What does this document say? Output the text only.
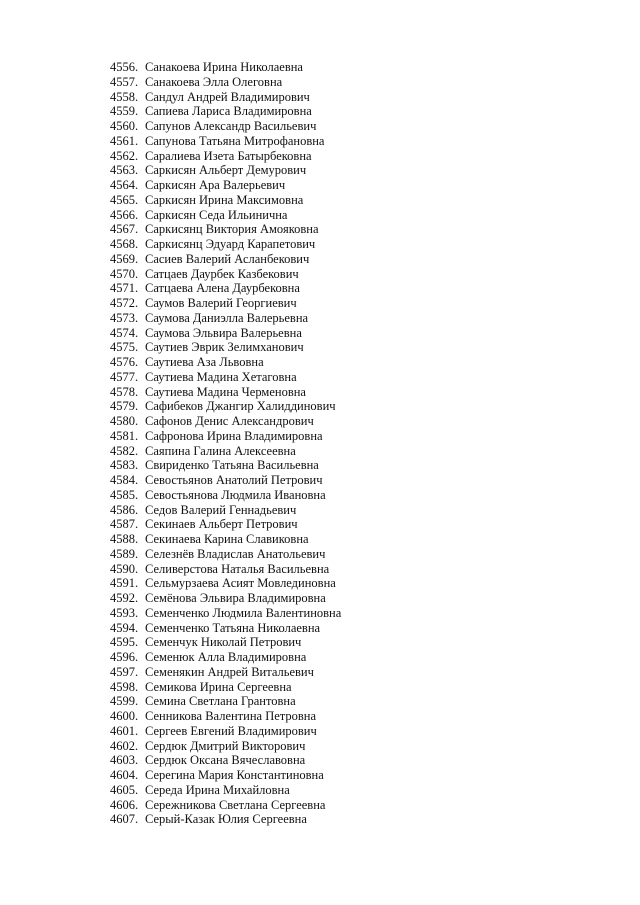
4556. Санакоева Ирина Николаевна
4557. Санакоева Элла Олеговна
4558. Сандул Андрей Владимирович
4559. Сапиева Лариса Владимировна
4560. Сапунов Александр Васильевич
4561. Сапунова Татьяна Митрофановна
4562. Саралиева Изета Батырбековна
4563. Саркисян Альберт Демурович
4564. Саркисян Ара Валерьевич
4565. Саркисян Ирина Максимовна
4566. Саркисян Седа Ильинична
4567. Саркисянц Виктория Амояковна
4568. Саркисянц Эдуард Карапетович
4569. Сасиев Валерий Асланбекович
4570. Сатцаев Даурбек Казбекович
4571. Сатцаева Алена Даурбековна
4572. Саумов Валерий Георгиевич
4573. Саумова Даниэлла Валерьевна
4574. Саумова Эльвира Валерьевна
4575. Саутиев Эврик Зелимханович
4576. Саутиева Аза Львовна
4577. Саутиева Мадина Хетаговна
4578. Саутиева Мадина Черменовна
4579. Сафибеков Джангир Халиддинович
4580. Сафонов Денис Александрович
4581. Сафронова Ирина Владимировна
4582. Саяпина Галина Алексеевна
4583. Свириденко Татьяна Васильевна
4584. Севостьянов Анатолий Петрович
4585. Севостьянова Людмила Ивановна
4586. Седов Валерий Геннадьевич
4587. Секинаев Альберт Петрович
4588. Секинаева Карина Славиковна
4589. Селезнёв Владислав Анатольевич
4590. Селиверстова Наталья Васильевна
4591. Сельмурзаева Асият Мовлединовна
4592. Семёнова Эльвира Владимировна
4593. Семенченко Людмила Валентиновна
4594. Семенченко Татьяна Николаевна
4595. Семенчук Николай Петрович
4596. Семенюк Алла Владимировна
4597. Семенякин Андрей Витальевич
4598. Семикова Ирина Сергеевна
4599. Семина Светлана Грантовна
4600. Сенникова Валентина Петровна
4601. Сергеев Евгений Владимирович
4602. Сердюк Дмитрий Викторович
4603. Сердюк Оксана Вячеславовна
4604. Серегина Мария Константиновна
4605. Середа Ирина Михайловна
4606. Сережникова Светлана Сергеевна
4607. Серый-Казак Юлия Сергеевна
